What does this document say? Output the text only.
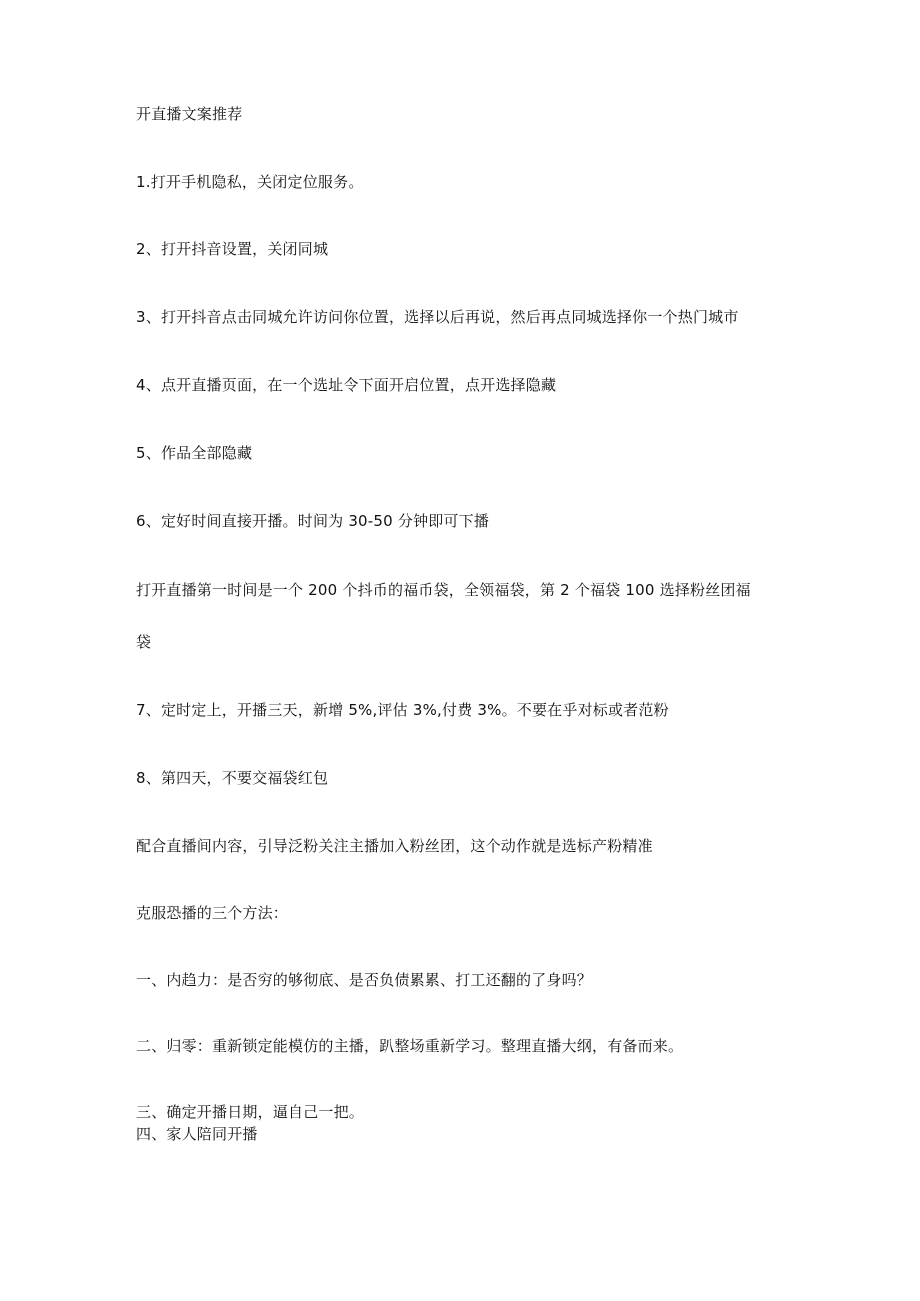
开直播文案推荐
1.打开手机隐私，关闭定位服务。
2、打开抖音设置，关闭同城
3、打开抖音点击同城允许访问你位置，选择以后再说，然后再点同城选择你一个热门城市
4、点开直播页面，在一个选址令下面开启位置，点开选择隐藏
5、作品全部隐藏
6、定好时间直接开播。时间为 30-50 分钟即可下播
打开直播第一时间是一个 200 个抖币的福币袋，全领福袋，第 2 个福袋 100 选择粉丝团福
袋
7、定时定上，开播三天，新增 5%,评估 3%,付费 3%。不要在乎对标或者范粉
8、第四天，不要交福袋红包
配合直播间内容，引导泛粉关注主播加入粉丝团，这个动作就是选标产粉精准
克服恐播的三个方法：
一、内趋力：是否穷的够彻底、是否负债累累、打工还翻的了身吗？
二、归零：重新锁定能模仿的主播，趴整场重新学习。整理直播大纲，有备而来。
三、确定开播日期，逼自己一把。
四、家人陪同开播
